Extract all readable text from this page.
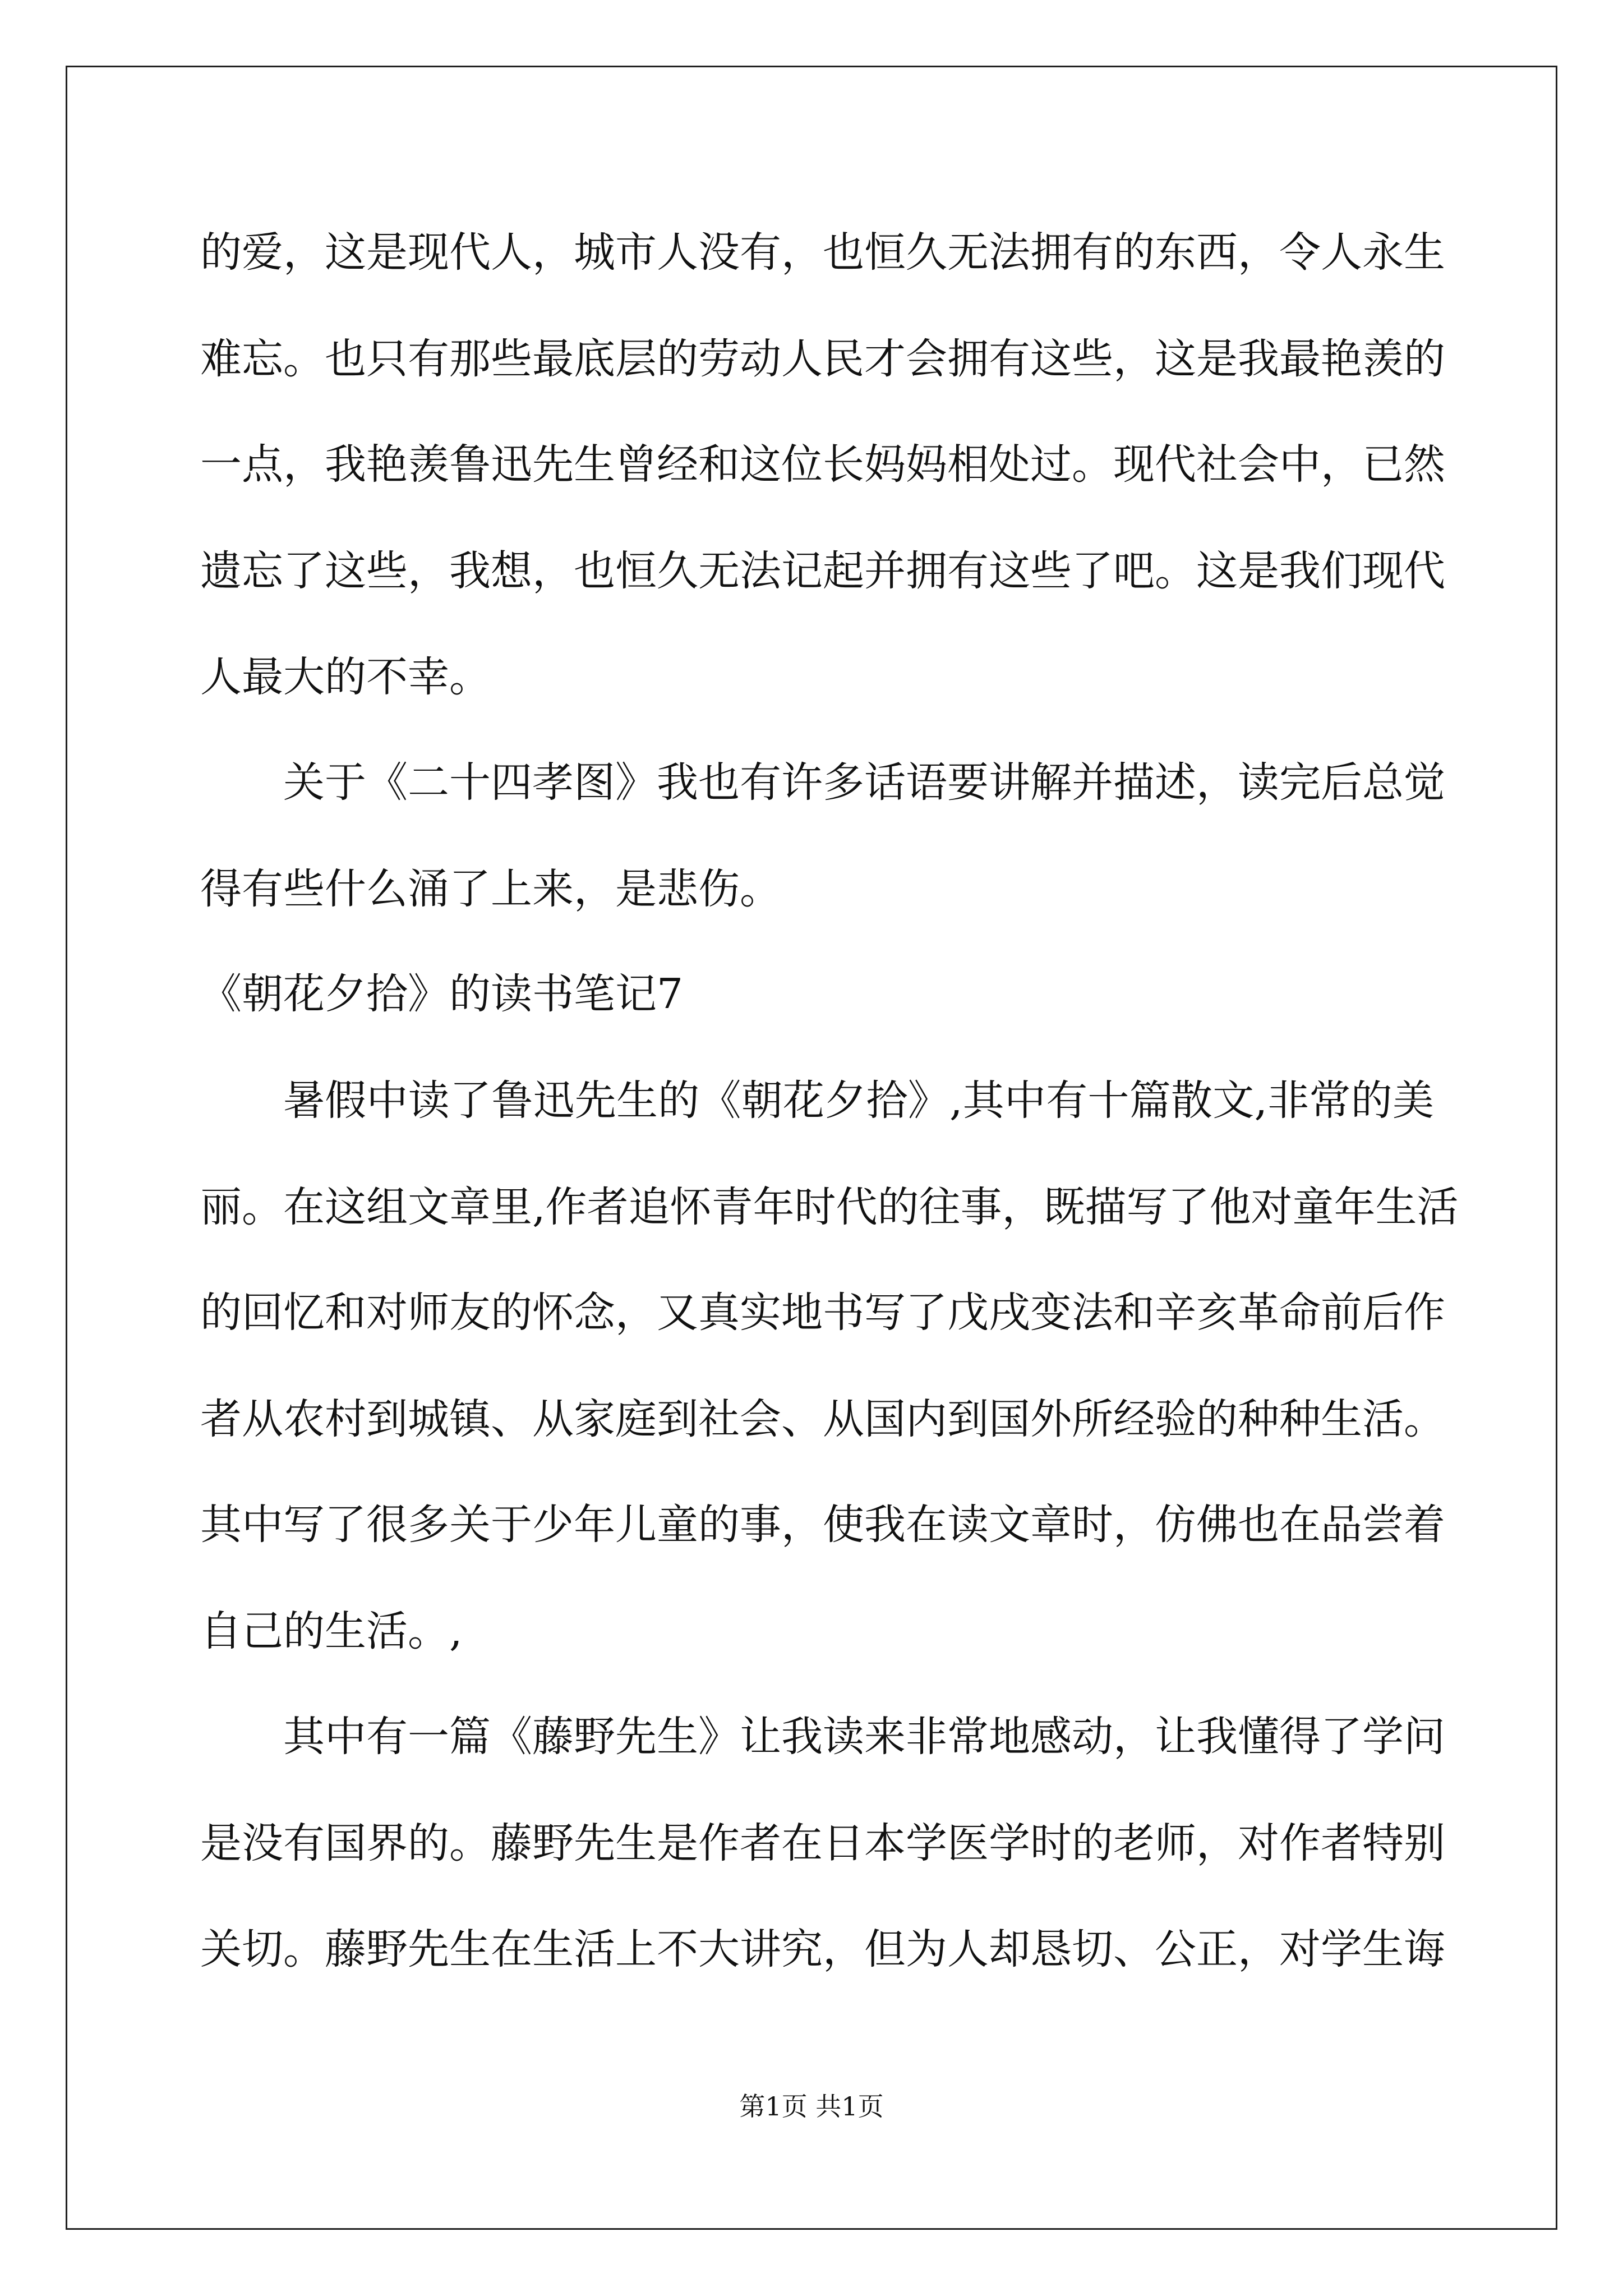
的爱，这是现代人，城市人没有，也恒久无法拥有的东西，令人永生
难忘。也只有那些最底层的劳动人民才会拥有这些，这是我最艳羡的
一点，我艳羡鲁迅先生曾经和这位长妈妈相处过。现代社会中，已然
遗忘了这些，我想，也恒久无法记起并拥有这些了吧。这是我们现代
人最大的不幸。
关于《二十四孝图》我也有许多话语要讲解并描述，读完后总觉
得有些什么涌了上来，是悲伤。
《朝花夕拾》的读书笔记7
暑假中读了鲁迅先生的《朝花夕拾》,其中有十篇散文,非常的美
丽。在这组文章里,作者追怀青年时代的往事，既描写了他对童年生活
的回忆和对师友的怀念，又真实地书写了戊戌变法和辛亥革命前后作
者从农村到城镇、从家庭到社会、从国内到国外所经验的种种生活。
其中写了很多关于少年儿童的事，使我在读文章时，仿佛也在品尝着
自己的生活。,
其中有一篇《藤野先生》让我读来非常地感动，让我懂得了学问
是没有国界的。藤野先生是作者在日本学医学时的老师，对作者特别
关切。藤野先生在生活上不大讲究，但为人却恳切、公正，对学生诲
第1页 共1页
